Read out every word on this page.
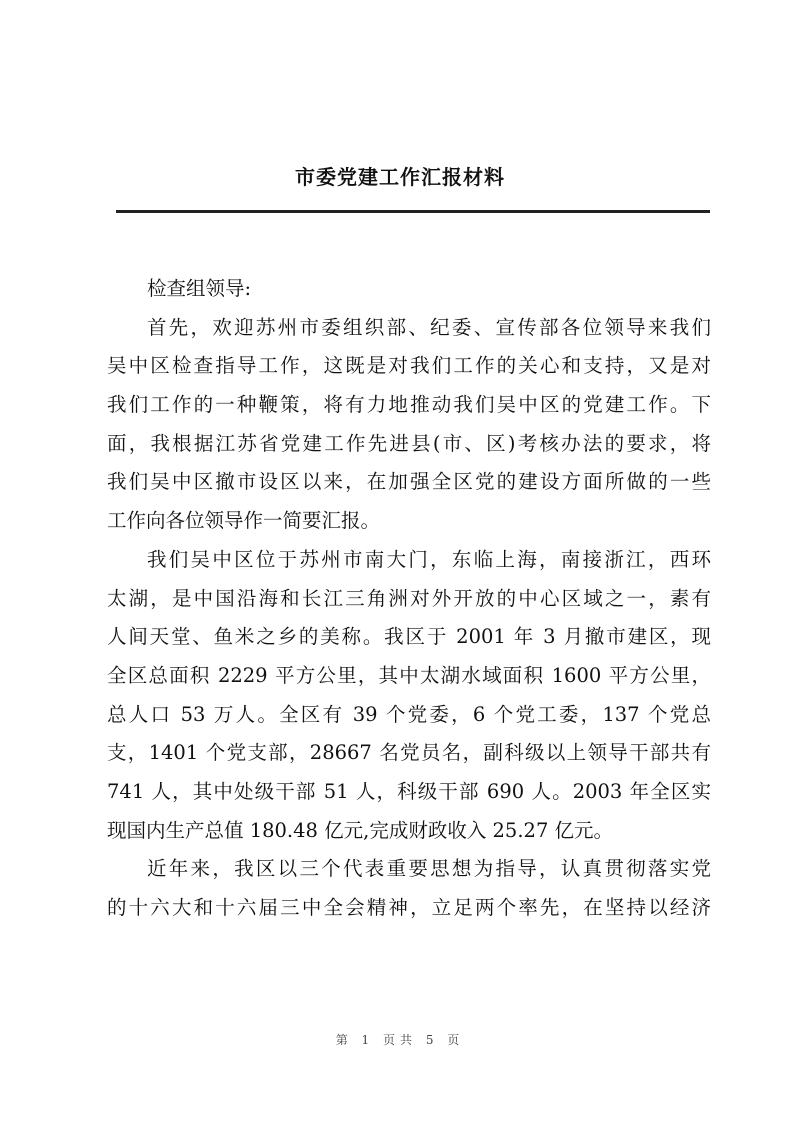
市委党建工作汇报材料
检查组领导:
首先，欢迎苏州市委组织部、纪委、宣传部各位领导来我们
吴中区检查指导工作，这既是对我们工作的关心和支持，又是对
我们工作的一种鞭策，将有力地推动我们吴中区的党建工作。下
面，我根据江苏省党建工作先进县(市、区)考核办法的要求，将
我们吴中区撤市设区以来，在加强全区党的建设方面所做的一些
工作向各位领导作一简要汇报。
我们吴中区位于苏州市南大门，东临上海，南接浙江，西环
太湖，是中国沿海和长江三角洲对外开放的中心区域之一，素有
人间天堂、鱼米之乡的美称。我区于 2001 年 3 月撤市建区，现
全区总面积 2229 平方公里，其中太湖水域面积 1600 平方公里，
总人口 53 万人。全区有 39 个党委，6 个党工委，137 个党总
支，1401 个党支部，28667 名党员名，副科级以上领导干部共有
741 人，其中处级干部 51 人，科级干部 690 人。2003 年全区实
现国内生产总值 180.48 亿元,完成财政收入 25.27 亿元。
近年来，我区以三个代表重要思想为指导，认真贯彻落实党
的十六大和十六届三中全会精神，立足两个率先，在坚持以经济
第 1 页共 5 页
